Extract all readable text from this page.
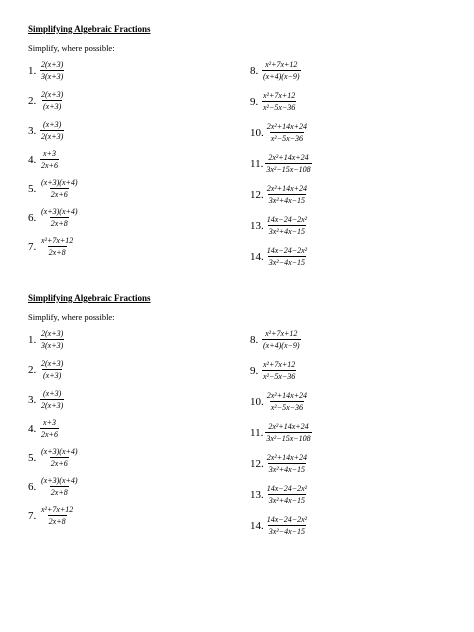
Simplifying Algebraic Fractions
Simplify, where possible:
1. $\frac{2(x+3)}{3(x+3)}$
2. $\frac{2(x+3)}{(x+3)}$
3. $\frac{(x+3)}{2(x+3)}$
4. $\frac{x+3}{2x+6}$
5. $\frac{(x+3)(x+4)}{2x+6}$
6. $\frac{(x+3)(x+4)}{2x+8}$
7. $\frac{\text{x²+7x+12}}{2x+8}$
8. $\frac{\text{x²+7x+12}}{(x+4)(x-9)}$
9. $\frac{\text{x²+7x+12}}{\text{x²−5x−36}}$
10. $\frac{\text{2x²+14x+24}}{\text{x²−5x−36}}$
11. $\frac{\text{2x²+14x+24}}{\text{3x²−15x−108}}$
12. $\frac{\text{2x²+14x+24}}{\text{3x²+4x−15}}$
13. $\frac{\text{14x−24−2x²}}{\text{3x²+4x−15}}$
14. $\frac{\text{14x−24−2x²}}{\text{3x²−4x−15}}$
Simplifying Algebraic Fractions
Simplify, where possible:
1. $\frac{2(x+3)}{3(x+3)}$
2. $\frac{2(x+3)}{(x+3)}$
3. $\frac{(x+3)}{2(x+3)}$
4. $\frac{x+3}{2x+6}$
5. $\frac{(x+3)(x+4)}{2x+6}$
6. $\frac{(x+3)(x+4)}{2x+8}$
7. $\frac{\text{x²+7x+12}}{2x+8}$
8. $\frac{\text{x²+7x+12}}{(x+4)(x-9)}$
9. $\frac{\text{x²+7x+12}}{\text{x²−5x−36}}$
10. $\frac{\text{2x²+14x+24}}{\text{x²−5x−36}}$
11. $\frac{\text{2x²+14x+24}}{\text{3x²−15x−108}}$
12. $\frac{\text{2x²+14x+24}}{\text{3x²+4x−15}}$
13. $\frac{\text{14x−24−2x²}}{\text{3x²+4x−15}}$
14. $\frac{\text{14x−24−2x²}}{\text{3x²−4x−15}}$
